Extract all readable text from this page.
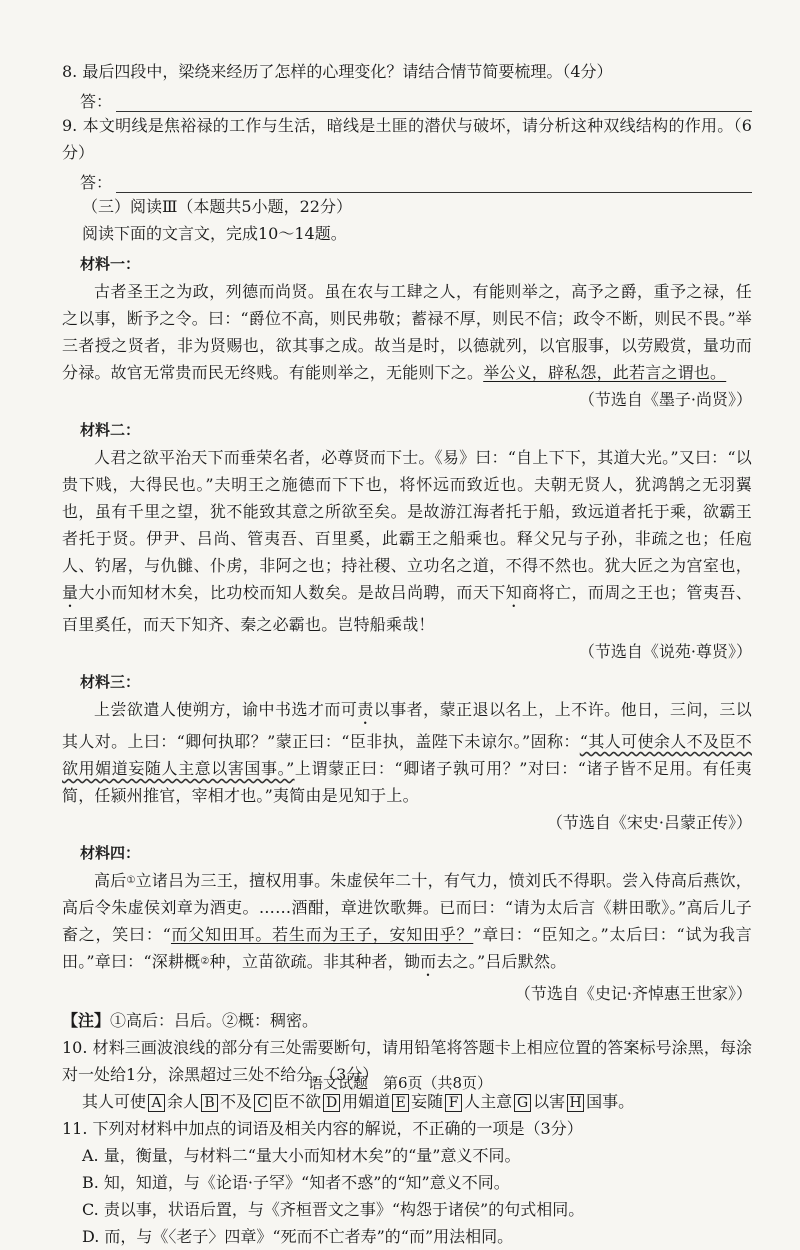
8. 最后四段中，梁绕来经历了怎样的心理变化？请结合情节简要梳理。（4分）
答：
9. 本文明线是焦裕禄的工作与生活，暗线是土匪的潜伏与破坏，请分析这种双线结构的作用。（6分）
答：
（三）阅读Ⅲ（本题共5小题，22分）
阅读下面的文言文，完成10～14题。
材料一：
古者圣王之为政，列德而尚贤。虽在农与工肆之人，有能则举之，高予之爵，重予之禄，任之以事，断予之令。曰：“爵位不高，则民弗敬；蓄禄不厚，则民不信；政令不断，则民不畏。”举三者授之贤者，非为贤赐也，欲其事之成。故当是时，以德就列，以官服事，以劳殿赏，量功而分禄。故官无常贵而民无终贱。有能则举之，无能则下之。举公义，辟私怨，此若言之谓也。
（节选自《墨子·尚贤》）
材料二：
人君之欲平治天下而垂荣名者，必尊贤而下士。《易》曰：“自上下下，其道大光。”又曰：“以贵下贱，大得民也。”夫明王之施德而下下也，将怀远而致近也。夫朝无贤人，犹鸿鹄之无羽翼也，虽有千里之望，犹不能致其意之所欲至矣。是故游江海者托于船，致远道者托于乘，欲霸王者托于贤。伊尹、吕尚、管夷吾、百里奚，此霸王之船乘也。释父兄与子孙，非疏之也；任庖人、钓屠，与仇雠、仆虏，非阿之也；持社稷、立功名之道，不得不然也。犹大匠之为宫室也，量大小而知材木矣，比功校而知人数矣。是故吕尚聘，而天下知商将亡，而周之王也；管夷吾、百里奚任，而天下知齐、秦之必霸也。岂特船乘哉！
（节选自《说苑·尊贤》）
材料三：
上尝欲遣人使朔方，谕中书选才而可责以事者，蒙正退以名上，上不许。他日，三问，三以其人对。上曰：“卿何执耶？”蒙正曰：“臣非执，盖陛下未谅尔。”固称：“其人可使余人不及臣不欲用媚道妄随人主意以害国事。”上谓蒙正曰：“卿诸子孰可用？”对曰：“诸子皆不足用。有任夷简，任颍州推官，宰相才也。”夷简由是见知于上。
（节选自《宋史·吕蒙正传》）
材料四：
高后①立诸吕为三王，擅权用事。朱虚侯年二十，有气力，愤刘氏不得职。尝入侍高后燕饮，高后令朱虚侯刘章为酒吏。……酒酣，章进饮歌舞。已而曰：“请为太后言《耕田歌》。”高后儿子畜之，笑曰：“而父知田耳。若生而为王子，安知田乎？”章曰：“臣知之。”太后曰：“试为我言田。”章曰：“深耕概②种，立苗欲疏。非其种者，锄而去之。”吕后默然。
（节选自《史记·齐悼惠王世家》）
【注】①高后：吕后。②概：稠密。
10. 材料三画波浪线的部分有三处需要断句，请用铅笔将答题卡上相应位置的答案标号涂黑，每涂对一处给1分，涂黑超过三处不给分。（3分）
其人可使 A 余人 B 不及 C 臣不欲 D 用媚道 E 妄随 F 人主意 G 以害 H 国事。
11. 下列对材料中加点的词语及相关内容的解说，不正确的一项是（3分）
A. 量，衡量，与材料二“量大小而知材木矣”的“量”意义不同。
B. 知，知道，与《论语·子罕》“知者不惑”的“知”意义不同。
C. 责以事，状语后置，与《齐桓晋文之事》“构怨于诸侯”的句式相同。
D. 而，与《〈老子〉四章》“死而不亡者寿”的“而”用法相同。
语文试题　第6页（共8页）
